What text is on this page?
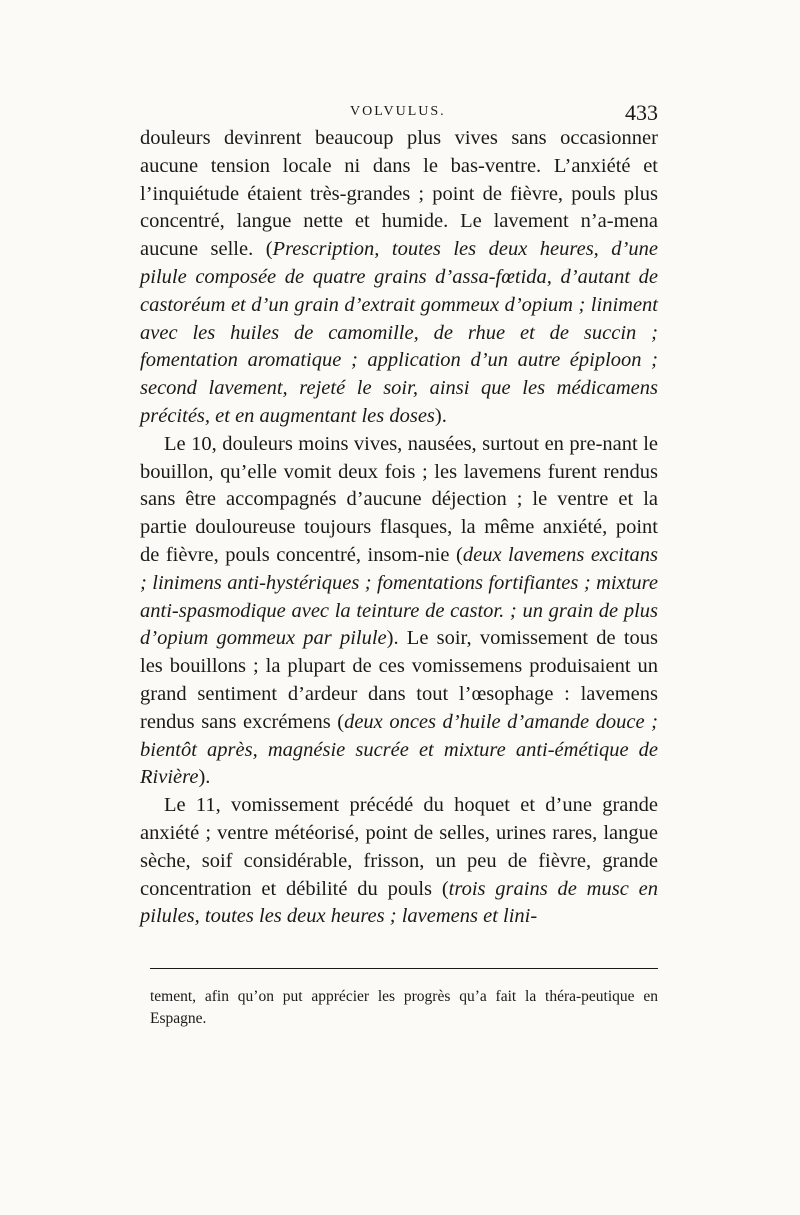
VOLVULUS.	433

douleurs devinrent beaucoup plus vives sans occasionner aucune tension locale ni dans le bas-ventre. L’anxiété et l’inquiétude étaient très-grandes ; point de fièvre, pouls plus concentré, langue nette et humide. Le lavement n’a-mena aucune selle. (Prescription, toutes les deux heures, d’une pilule composée de quatre grains d’assa-fœtida, d’autant de castoréum et d’un grain d’extrait gommeux d’opium ; liniment avec les huiles de camomille, de rhue et de succin ; fomentation aromatique ; application d’un autre épiploon ; second lavement, rejeté le soir, ainsi que les médicamens précités, et en augmentant les doses).

Le 10, douleurs moins vives, nausées, surtout en pre-nant le bouillon, qu’elle vomit deux fois ; les lavemens furent rendus sans être accompagnés d’aucune déjection ; le ventre et la partie douloureuse toujours flasques, la même anxiété, point de fièvre, pouls concentré, insom-nie (deux lavemens excitans ; linimens anti-hystériques ; fomentations fortifiantes ; mixture anti-spasmodique avec la teinture de castor. ; un grain de plus d’opium gommeux par pilule). Le soir, vomissement de tous les bouillons ; la plupart de ces vomissemens produisaient un grand sentiment d’ardeur dans tout l’œsophage : lavemens rendus sans excrémens (deux onces d’huile d’amande douce ; bientôt après, magnésie sucrée et mixture anti-émétique de Rivière).

Le 11, vomissement précédé du hoquet et d’une grande anxiété ; ventre météorisé, point de selles, urines rares, langue sèche, soif considérable, frisson, un peu de fièvre, grande concentration et débilité du pouls (trois grains de musc en pilules, toutes les deux heures ; lavemens et lini-

tement, afin qu’on put apprécier les progrès qu’a fait la théra-peutique en Espagne.
